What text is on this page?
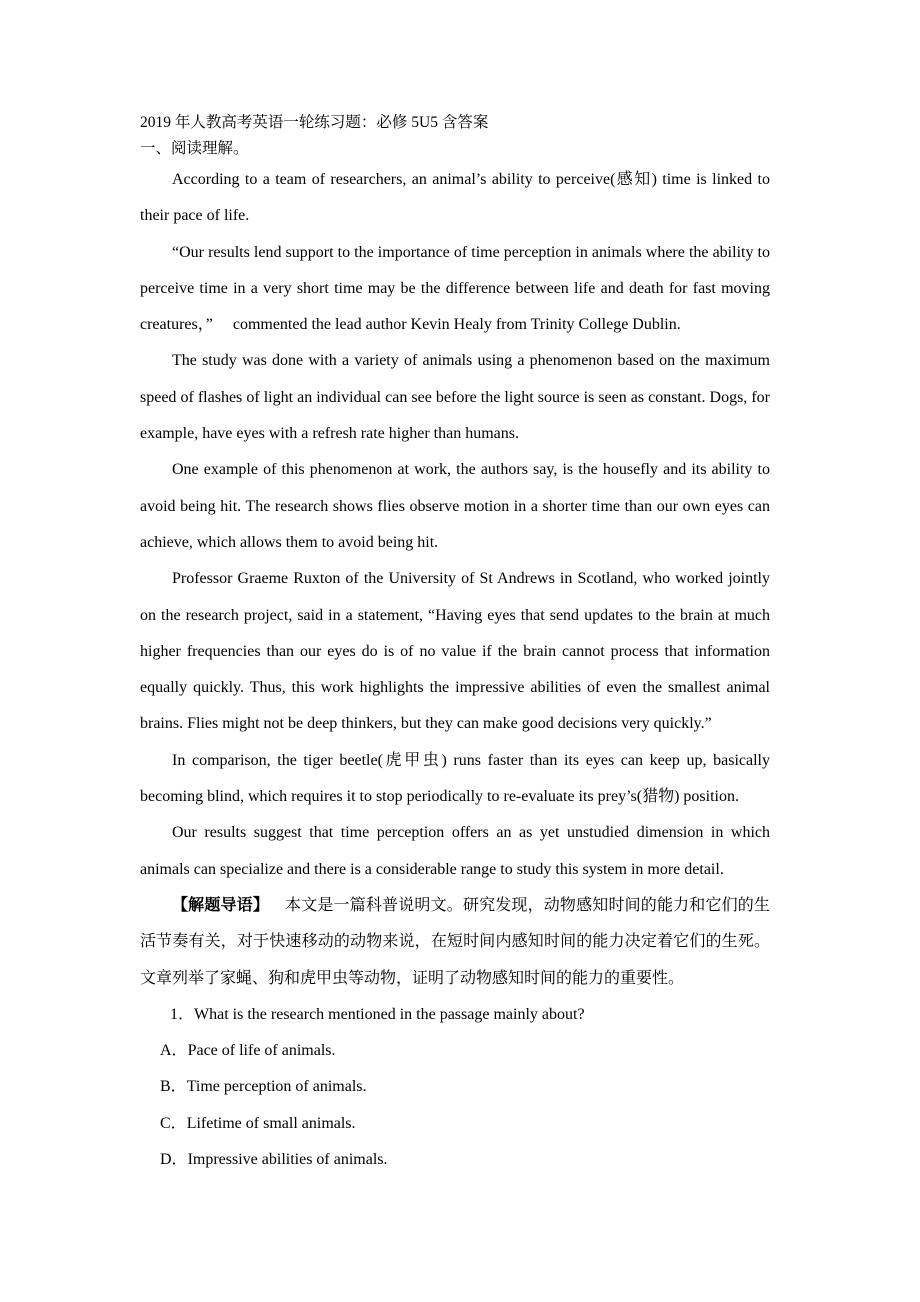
2019 年人教高考英语一轮练习题：必修 5U5 含答案
一、阅读理解。

According to a team of researchers, an animal’s ability to perceive(感知) time is linked to their pace of life.

“Our results lend support to the importance of time perception in animals where the ability to perceive time in a very short time may be the difference between life and death for fast moving creatures，”　 commented the lead author Kevin Healy from Trinity College Dublin.

The study was done with a variety of animals using a phenomenon based on the maximum speed of flashes of light an individual can see before the light source is seen as constant. Dogs, for example, have eyes with a refresh rate higher than humans.

One example of this phenomenon at work, the authors say, is the housefly and its ability to avoid being hit. The research shows flies observe motion in a shorter time than our own eyes can achieve, which allows them to avoid being hit.

Professor Graeme Ruxton of the University of St Andrews in Scotland, who worked jointly on the research project, said in a statement, “Having eyes that send updates to the brain at much higher frequencies than our eyes do is of no value if the brain cannot process that information equally quickly. Thus, this work highlights the impressive abilities of even the smallest animal brains. Flies might not be deep thinkers, but they can make good decisions very quickly.”

In comparison, the tiger beetle(虎甲虫) runs faster than its eyes can keep up, basically becoming blind, which requires it to stop periodically to re-evaluate its prey’s(猎物) position.

Our results suggest that time perception offers an as yet unstudied dimension in which animals can specialize and there is a considerable range to study this system in more detail.

【解题导语】 本文是一篇科普说明文。研究发现，动物感知时间的能力和它们的生活节奏有关，对于快速移动的动物来说，在短时间内感知时间的能力决定着它们的生死。文章列举了家蝇、狗和虎甲虫等动物，证明了动物感知时间的能力的重要性。

1．What is the research mentioned in the passage mainly about?

A．Pace of life of animals.

B．Time perception of animals.

C．Lifetime of small animals.

D．Impressive abilities of animals.
